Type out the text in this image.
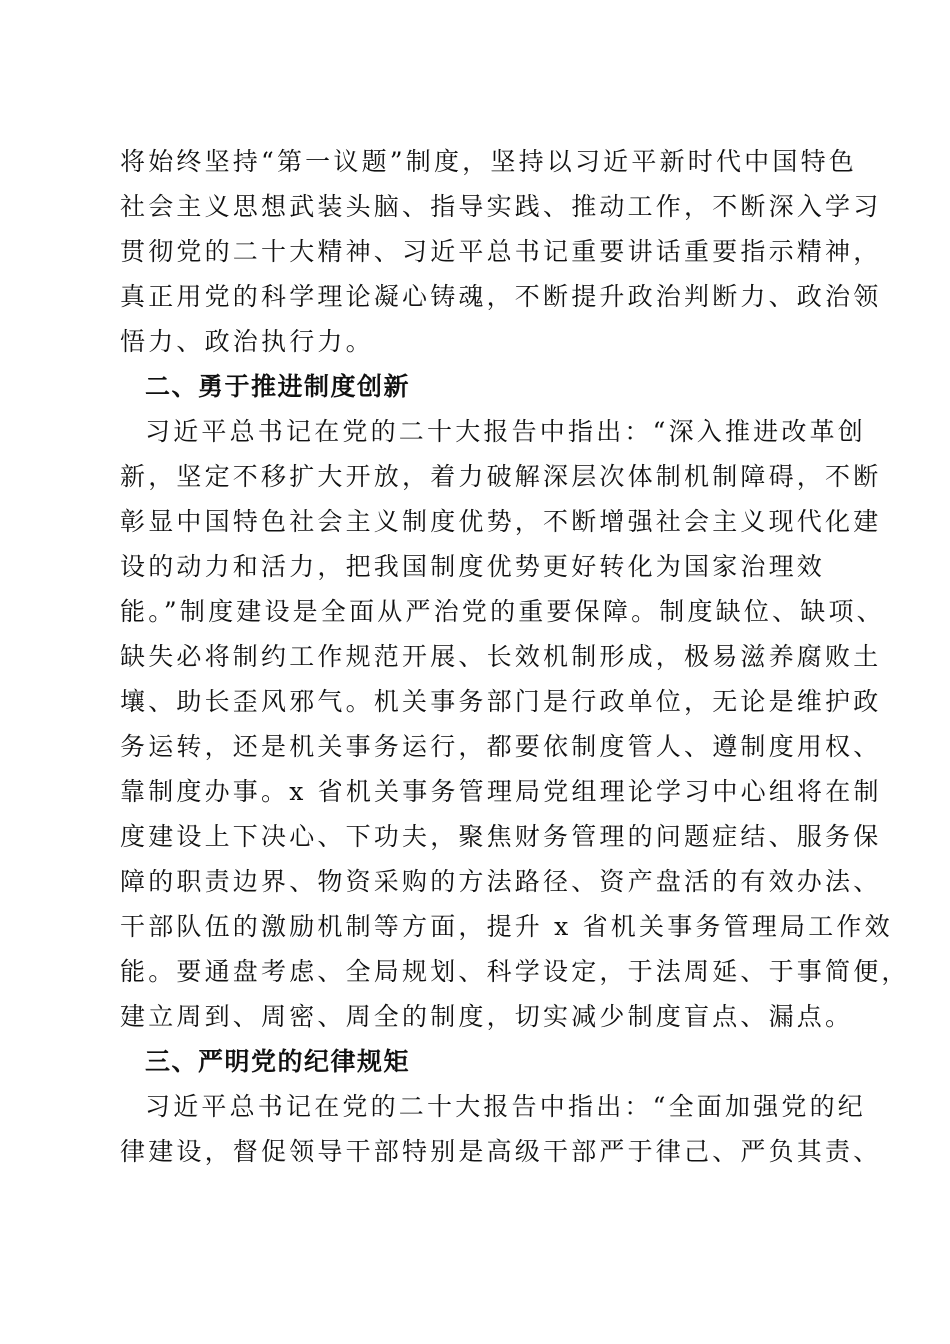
将始终坚持“第一议题”制度，坚持以习近平新时代中国特色
社会主义思想武装头脑、指导实践、推动工作，不断深入学习
贯彻党的二十大精神、习近平总书记重要讲话重要指示精神，
真正用党的科学理论凝心铸魂，不断提升政治判断力、政治领
悟力、政治执行力。
二、勇于推进制度创新
习近平总书记在党的二十大报告中指出：“深入推进改革创
新，坚定不移扩大开放，着力破解深层次体制机制障碍，不断
彰显中国特色社会主义制度优势，不断增强社会主义现代化建
设的动力和活力，把我国制度优势更好转化为国家治理效
能。”制度建设是全面从严治党的重要保障。制度缺位、缺项、
缺失必将制约工作规范开展、长效机制形成，极易滋养腐败土
壤、助长歪风邪气。机关事务部门是行政单位，无论是维护政
务运转，还是机关事务运行，都要依制度管人、遵制度用权、
靠制度办事。x 省机关事务管理局党组理论学习中心组将在制
度建设上下决心、下功夫，聚焦财务管理的问题症结、服务保
障的职责边界、物资采购的方法路径、资产盘活的有效办法、
干部队伍的激励机制等方面，提升 x 省机关事务管理局工作效
能。要通盘考虑、全局规划、科学设定，于法周延、于事简便，
建立周到、周密、周全的制度，切实减少制度盲点、漏点。
三、严明党的纪律规矩
习近平总书记在党的二十大报告中指出：“全面加强党的纪
律建设，督促领导干部特别是高级干部严于律己、严负其责、
